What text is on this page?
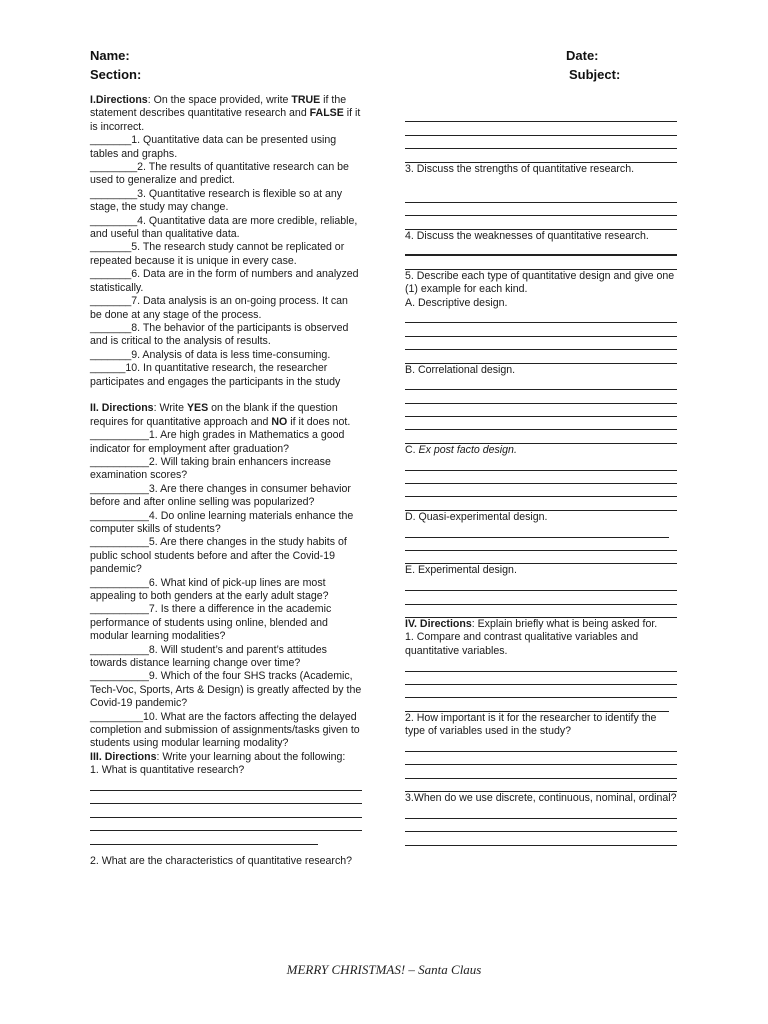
Name:
Section:
Date:
Subject:

I.Directions: On the space provided, write TRUE if the statement describes quantitative research and FALSE if it is incorrect.

_______1. Quantitative data can be presented using tables and graphs.

________2. The results of quantitative research can be used to generalize and predict.

________3. Quantitative research is flexible so at any stage, the study may change.

________4. Quantitative data are more credible, reliable, and useful than qualitative data.

_______5. The research study cannot be replicated or repeated because it is unique in every case.

_______6. Data are in the form of numbers and analyzed statistically.

_______7. Data analysis is an on-going process. It can be done at any stage of the process.

_______8. The behavior of the participants is observed and is critical to the analysis of results.

_______9. Analysis of data is less time-consuming.

______10. In quantitative research, the researcher participates and engages the participants in the study

II. Directions: Write YES on the blank if the question requires for quantitative approach and NO if it does not.

__________1. Are high grades in Mathematics a good indicator for employment after graduation?

__________2. Will taking brain enhancers increase examination scores?

__________3. Are there changes in consumer behavior before and after online selling was popularized?

__________4. Do online learning materials enhance the computer skills of students?

__________5. Are there changes in the study habits of public school students before and after the Covid-19 pandemic?

__________6. What kind of pick-up lines are most appealing to both genders at the early adult stage?

__________7. Is there a difference in the academic performance of students using online, blended and modular learning modalities?

__________8. Will student’s and parent’s attitudes towards distance learning change over time?

__________9. Which of the four SHS tracks (Academic, Tech-Voc, Sports, Arts & Design) is greatly affected by the Covid-19 pandemic?

_________10. What are the factors affecting the delayed completion and submission of assignments/tasks given to students using modular learning modality?

III. Directions: Write your learning about the following:

1. What is quantitative research?

2. What are the characteristics of quantitative research?

3. Discuss the strengths of quantitative research.

4. Discuss the weaknesses of quantitative research.

5. Describe each type of quantitative design and give one (1) example for each kind.

A. Descriptive design.

B. Correlational design.

C. Ex post facto design.

D. Quasi-experimental design.

E. Experimental design.

IV. Directions: Explain briefly what is being asked for.

1. Compare and contrast qualitative variables and quantitative variables.

2. How important is it for the researcher to identify the type of variables used in the study?

3.When do we use discrete, continuous, nominal, ordinal?

MERRY CHRISTMAS! – Santa Claus
